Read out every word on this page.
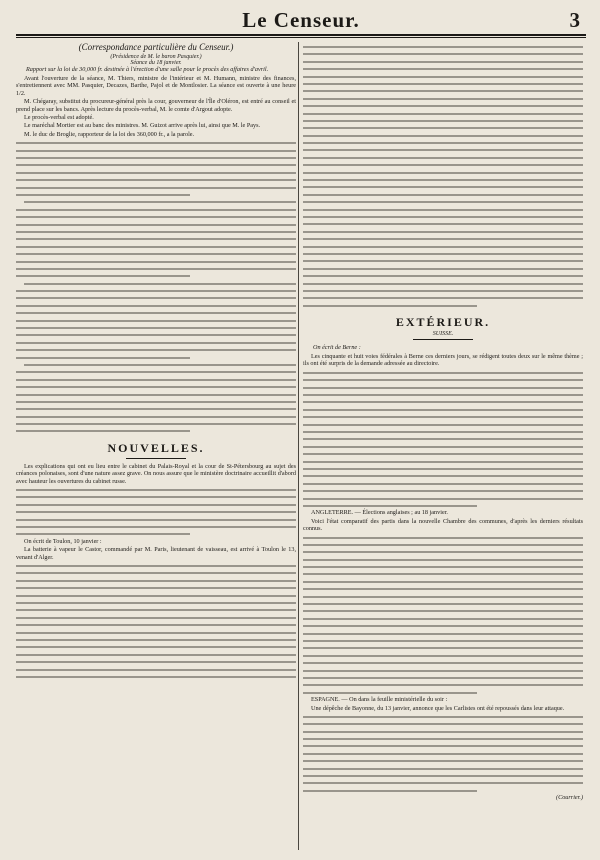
Le Censeur.	3
(Correspondance particulière du Censeur.)
(Présidence de M. le baron Pasquier.)
Séance du 18 janvier.
Rapport sur la loi de 30,000 fr. destinée à l'érection d'une salle pour le procès des affaires d'avril.

Avant l'ouverture de la séance, M. Thiers, ministre de l'intérieur et M. Humann, ministre des finances, s'entretiennent avec MM. Pasquier, Decazes, Barthe, Pajol et de Montlosier. La séance est ouverte à une heure 1/2.

M. Chégaray, substitut du procureur-général près la cour, gouverneur de l'Île d'Oléron, est entré au conseil et prend place sur les bancs. Après lecture du procès-verbal, M. le comte d'Argout adopte.

Le procès-verbal est adopté.

Le maréchal Mortier est au banc des ministres. M. Guizot arrive après lui, ainsi que M. le Pays.

M. le duc de Broglie, rapporteur de la loi des 360,000 fr., a la parole.

NOUVELLES.

Les explications qui ont eu lieu entre le cabinet du Palais-Royal et la cour de St-Pétersbourg au sujet des créances polonaises, sont d'une nature assez grave. On nous assure que le ministère doctrinaire accueillit d'abord avec hauteur les ouvertures du cabinet russe.

On écrit de Toulon, 10 janvier :

La batterie à vapeur le Castor, commandé par M. Paris, lieutenant de vaisseau, est arrivé à Toulon le 13, venant d'Alger.

EXTÉRIEUR.
SUISSE.
On écrit de Berne :

Les cinquante et huit voies fédérales à Berne ces derniers jours, se rédigent toutes deux sur le même thème ; ils ont été surpris de la demande adressée au directoire.

ANGLETERRE. — Élections anglaises ; au 18 janvier.

Voici l'état comparatif des partis dans la nouvelle Chambre des communes, d'après les derniers résultats connus.

ESPAGNE. — On dans la feuille ministérielle du soir :

Une dépêche de Bayonne, du 13 janvier, annonce que les Carlistes ont été repoussés dans leur attaque.

(Courrier.)
